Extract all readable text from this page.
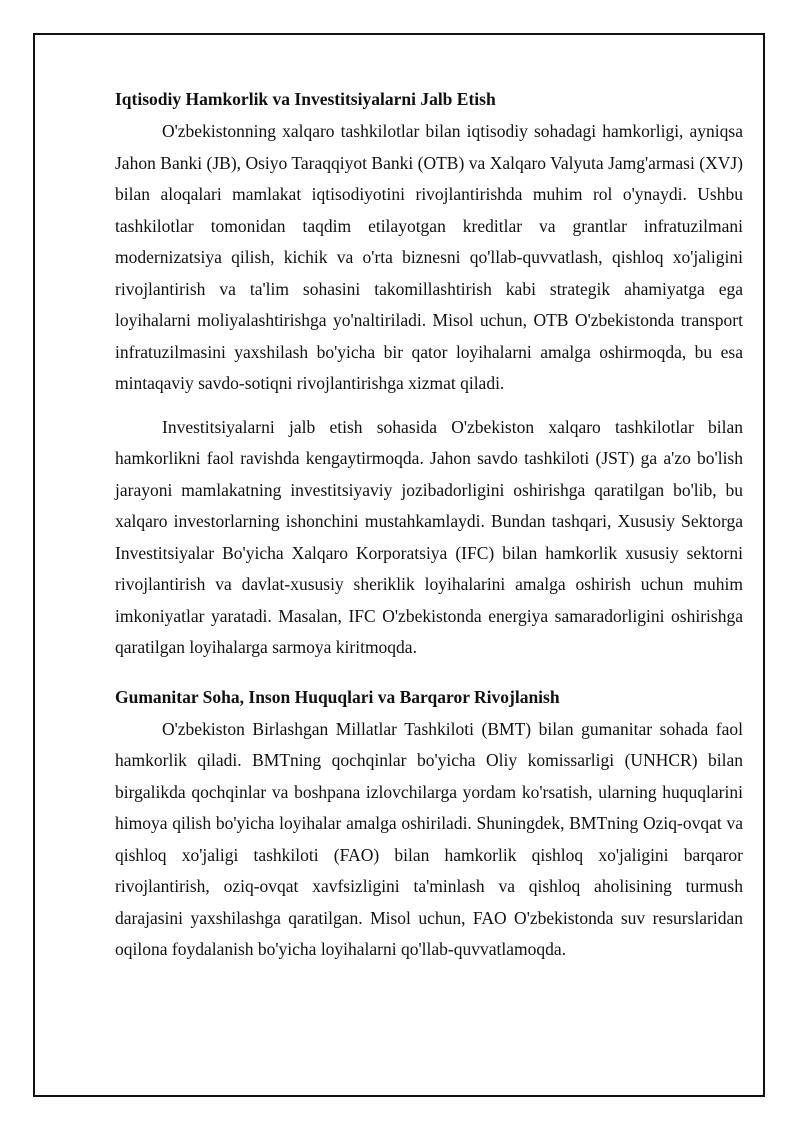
Iqtisodiy Hamkorlik va Investitsiyalarni Jalb Etish

O'zbekistonning xalqaro tashkilotlar bilan iqtisodiy sohadagi hamkorligi, ayniqsa Jahon Banki (JB), Osiyo Taraqqiyot Banki (OTB) va Xalqaro Valyuta Jamg'armasi (XVJ) bilan aloqalari mamlakat iqtisodiyotini rivojlantirishda muhim rol o'ynaydi. Ushbu tashkilotlar tomonidan taqdim etilayotgan kreditlar va grantlar infratuzilmani modernizatsiya qilish, kichik va o'rta biznesni qo'llab-quvvatlash, qishloq xo'jaligini rivojlantirish va ta'lim sohasini takomillashtirish kabi strategik ahamiyatga ega loyihalarni moliyalashtirishga yo'naltiriladi. Misol uchun, OTB O'zbekistonda transport infratuzilmasini yaxshilash bo'yicha bir qator loyihalarni amalga oshirmoqda, bu esa mintaqaviy savdo-sotiqni rivojlantirishga xizmat qiladi.

Investitsiyalarni jalb etish sohasida O'zbekiston xalqaro tashkilotlar bilan hamkorlikni faol ravishda kengaytirmoqda. Jahon savdo tashkiloti (JST) ga a'zo bo'lish jarayoni mamlakatning investitsiyaviy jozibadorligini oshirishga qaratilgan bo'lib, bu xalqaro investorlarning ishonchini mustahkamlaydi. Bundan tashqari, Xususiy Sektorga Investitsiyalar Bo'yicha Xalqaro Korporatsiya (IFC) bilan hamkorlik xususiy sektorni rivojlantirish va davlat-xususiy sheriklik loyihalarini amalga oshirish uchun muhim imkoniyatlar yaratadi. Masalan, IFC O'zbekistonda energiya samaradorligini oshirishga qaratilgan loyihalarga sarmoya kiritmoqda.

Gumanitar Soha, Inson Huquqlari va Barqaror Rivojlanish

O'zbekiston Birlashgan Millatlar Tashkiloti (BMT) bilan gumanitar sohada faol hamkorlik qiladi. BMTning qochqinlar bo'yicha Oliy komissarligi (UNHCR) bilan birgalikda qochqinlar va boshpana izlovchilarga yordam ko'rsatish, ularning huquqlarini himoya qilish bo'yicha loyihalar amalga oshiriladi. Shuningdek, BMTning Oziq-ovqat va qishloq xo'jaligi tashkiloti (FAO) bilan hamkorlik qishloq xo'jaligini barqaror rivojlantirish, oziq-ovqat xavfsizligini ta'minlash va qishloq aholisining turmush darajasini yaxshilashga qaratilgan. Misol uchun, FAO O'zbekistonda suv resurslaridan oqilona foydalanish bo'yicha loyihalarni qo'llab-quvvatlamoqda.
